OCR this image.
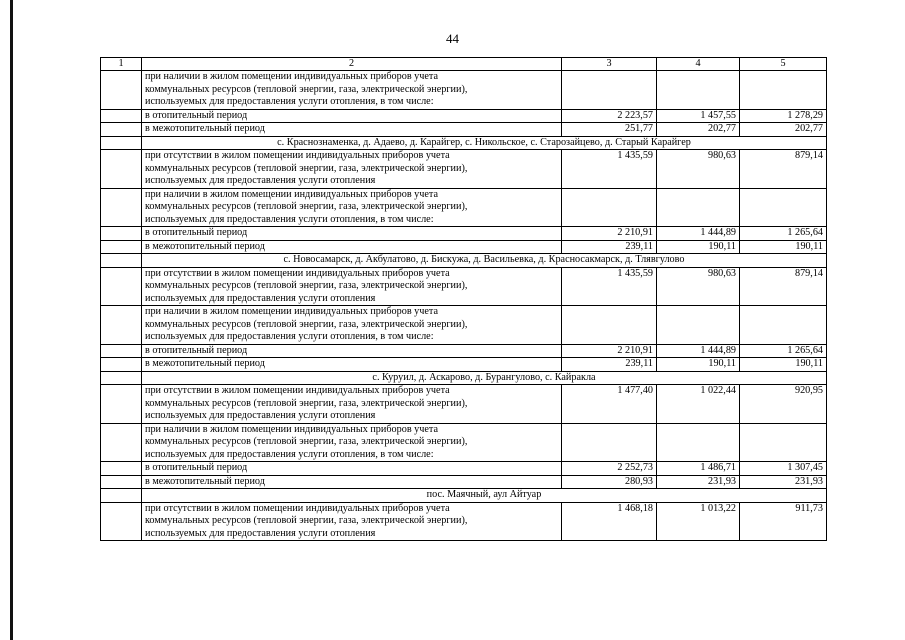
44
1	2	3	4	5

	при наличии в жилом помещении индивидуальных приборов учета
коммунальных ресурсов (тепловой энергии, газа, электрической энергии),
используемых для предоставления услуги отопления, в том числе:			

	в отопительный период	2 223,57	1 457,55	1 278,29

	в межотопительный период	251,77	202,77	202,77
	с. Краснознаменка, д. Адаево, д. Карайгер, с. Никольское, с. Старозайцево, д. Старый Карайгер			

	при отсутствии в жилом помещении индивидуальных приборов учета
коммунальных ресурсов (тепловой энергии, газа, электрической энергии),
используемых для предоставления услуги отопления	1 435,59	980,63	879,14

	при наличии в жилом помещении индивидуальных приборов учета
коммунальных ресурсов (тепловой энергии, газа, электрической энергии),
используемых для предоставления услуги отопления, в том числе:			

	в отопительный период	2 210,91	1 444,89	1 265,64

	в межотопительный период	239,11	190,11	190,11
	с. Новосамарск, д. Акбулатово, д. Бискужа, д. Васильевка, д. Красносакмарск, д. Тлявгулово			

	при отсутствии в жилом помещении индивидуальных приборов учета
коммунальных ресурсов (тепловой энергии, газа, электрической энергии),
используемых для предоставления услуги отопления	1 435,59	980,63	879,14

	при наличии в жилом помещении индивидуальных приборов учета
коммунальных ресурсов (тепловой энергии, газа, электрической энергии),
используемых для предоставления услуги отопления, в том числе:			

	в отопительный период	2 210,91	1 444,89	1 265,64

	в межотопительный период	239,11	190,11	190,11
	с. Куруил, д. Аскарово, д. Бурангулово, с. Кайракла			

	при отсутствии в жилом помещении индивидуальных приборов учета
коммунальных ресурсов (тепловой энергии, газа, электрической энергии),
используемых для предоставления услуги отопления	1 477,40	1 022,44	920,95

	при наличии в жилом помещении индивидуальных приборов учета
коммунальных ресурсов (тепловой энергии, газа, электрической энергии),
используемых для предоставления услуги отопления, в том числе:			

	в отопительный период	2 252,73	1 486,71	1 307,45

	в межотопительный период	280,93	231,93	231,93
	пос. Маячный, аул Айтуар			

	при отсутствии в жилом помещении индивидуальных приборов учета
коммунальных ресурсов (тепловой энергии, газа, электрической энергии),
используемых для предоставления услуги отопления	1 468,18	1 013,22	911,73
